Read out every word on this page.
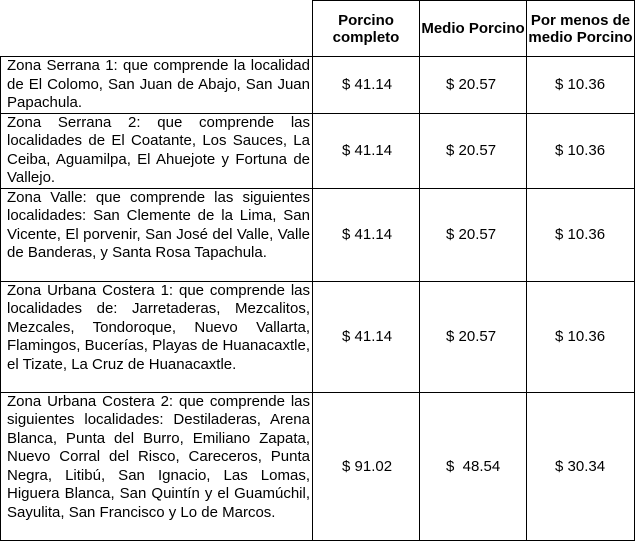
	Porcino completo	Medio Porcino	Por menos de medio Porcino
Zona Serrana 1: que comprende la localidad de El Colomo, San Juan de Abajo, San Juan Papachula.	$ 41.14	$ 20.57	$ 10.36
Zona Serrana 2: que comprende las localidades de El Coatante, Los Sauces, La Ceiba, Aguamilpa, El Ahuejote y Fortuna de Vallejo.	$ 41.14	$ 20.57	$ 10.36
Zona Valle: que comprende las siguientes localidades: San Clemente de la Lima, San Vicente, El porvenir, San José del Valle, Valle de Banderas, y Santa Rosa Tapachula.	$ 41.14	$ 20.57	$ 10.36
Zona Urbana Costera 1: que comprende las localidades de: Jarretaderas, Mezcalitos, Mezcales, Tondoroque, Nuevo Vallarta, Flamingos, Bucerías, Playas de Huanacaxtle, el Tizate, La Cruz de Huanacaxtle.	$ 41.14	$ 20.57	$ 10.36
Zona Urbana Costera 2: que comprende las siguientes localidades: Destiladeras, Arena Blanca, Punta del Burro, Emiliano Zapata, Nuevo Corral del Risco, Careceros, Punta Negra, Litibú, San Ignacio, Las Lomas, Higuera Blanca, San Quintín y el Guamúchil, Sayulita, San Francisco y Lo de Marcos.	$ 91.02	$  48.54	$ 30.34
